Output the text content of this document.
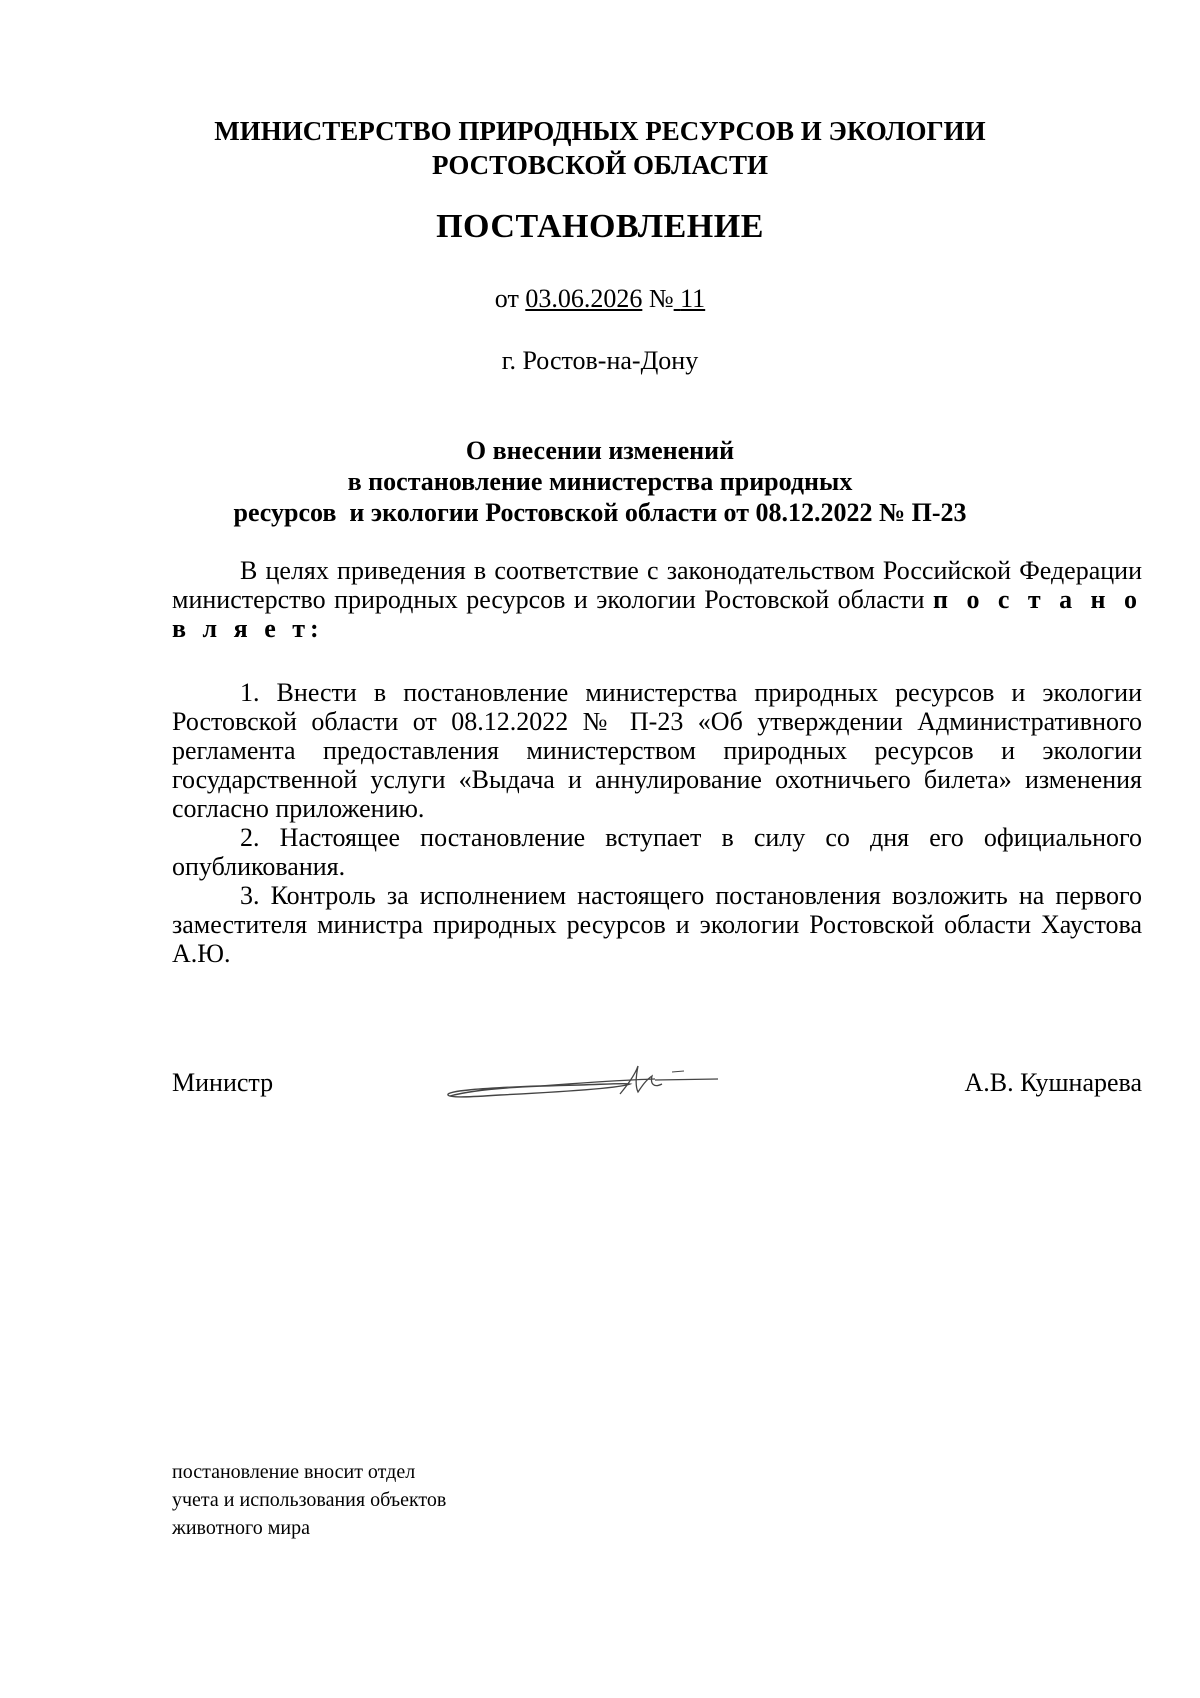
МИНИСТЕРСТВО ПРИРОДНЫХ РЕСУРСОВ И ЭКОЛОГИИ
РОСТОВСКОЙ ОБЛАСТИ
ПОСТАНОВЛЕНИЕ
от 03.06.2026 № 11
г. Ростов-на-Дону
О внесении изменений
в постановление министерства природных
ресурсов  и экологии Ростовской области от 08.12.2022 № П-23
В целях приведения в соответствие с законодательством Российской Федерации министерство природных ресурсов и экологии Ростовской области п о с т а н о в л я е т:

1. Внести в постановление министерства природных ресурсов и экологии Ростовской области от 08.12.2022 № П-23 «Об утверждении Административного регламента предоставления министерством природных ресурсов и экологии государственной услуги «Выдача и аннулирование охотничьего билета» изменения согласно приложению.

2. Настоящее постановление вступает в силу со дня его официального опубликования.

3. Контроль за исполнением настоящего постановления возложить на первого заместителя министра природных ресурсов и экологии Ростовской области Хаустова А.Ю.

Министр	А.В. Кушнарева
постановление вносит отдел
учета и использования объектов
животного мира
